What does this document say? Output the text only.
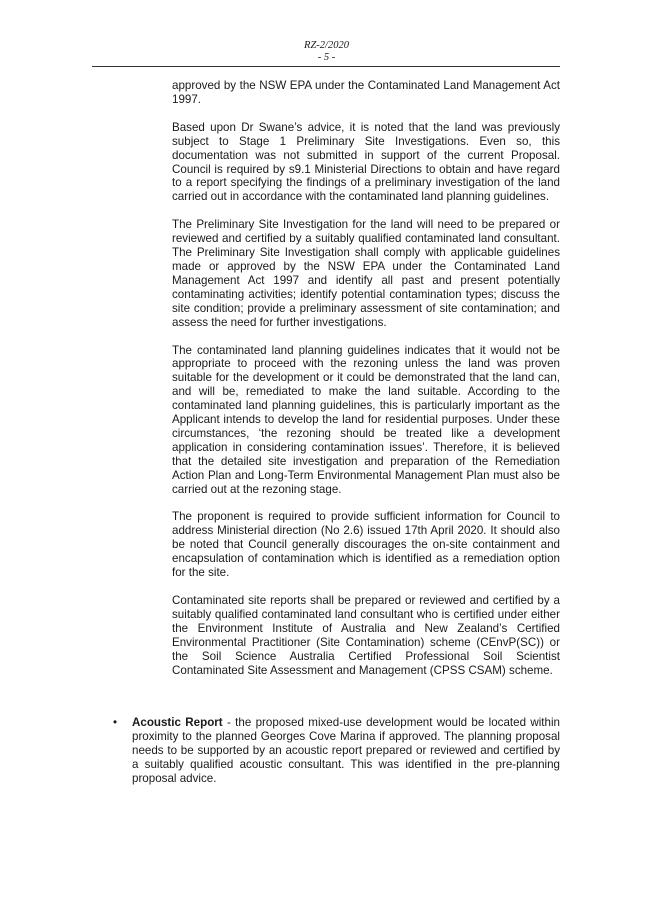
RZ-2/2020
- 5 -

approved by the NSW EPA under the Contaminated Land Management Act 1997.

Based upon Dr Swane’s advice, it is noted that the land was previously subject to Stage 1 Preliminary Site Investigations. Even so, this documentation was not submitted in support of the current Proposal. Council is required by s9.1 Ministerial Directions to obtain and have regard to a report specifying the findings of a preliminary investigation of the land carried out in accordance with the contaminated land planning guidelines.

The Preliminary Site Investigation for the land will need to be prepared or reviewed and certified by a suitably qualified contaminated land consultant. The Preliminary Site Investigation shall comply with applicable guidelines made or approved by the NSW EPA under the Contaminated Land Management Act 1997 and identify all past and present potentially contaminating activities; identify potential contamination types; discuss the site condition; provide a preliminary assessment of site contamination; and assess the need for further investigations.

The contaminated land planning guidelines indicates that it would not be appropriate to proceed with the rezoning unless the land was proven suitable for the development or it could be demonstrated that the land can, and will be, remediated to make the land suitable. According to the contaminated land planning guidelines, this is particularly important as the Applicant intends to develop the land for residential purposes. Under these circumstances, ‘the rezoning should be treated like a development application in considering contamination issues’. Therefore, it is believed that the detailed site investigation and preparation of the Remediation Action Plan and Long-Term Environmental Management Plan must also be carried out at the rezoning stage.

The proponent is required to provide sufficient information for Council to address Ministerial direction (No 2.6) issued 17th April 2020. It should also be noted that Council generally discourages the on-site containment and encapsulation of contamination which is identified as a remediation option for the site.

Contaminated site reports shall be prepared or reviewed and certified by a suitably qualified contaminated land consultant who is certified under either the Environment Institute of Australia and New Zealand’s Certified Environmental Practitioner (Site Contamination) scheme (CEnvP(SC)) or the Soil Science Australia Certified Professional Soil Scientist Contaminated Site Assessment and Management (CPSS CSAM) scheme.

•	Acoustic Report - the proposed mixed-use development would be located within proximity to the planned Georges Cove Marina if approved. The planning proposal needs to be supported by an acoustic report prepared or reviewed and certified by a suitably qualified acoustic consultant. This was identified in the pre-planning proposal advice.
